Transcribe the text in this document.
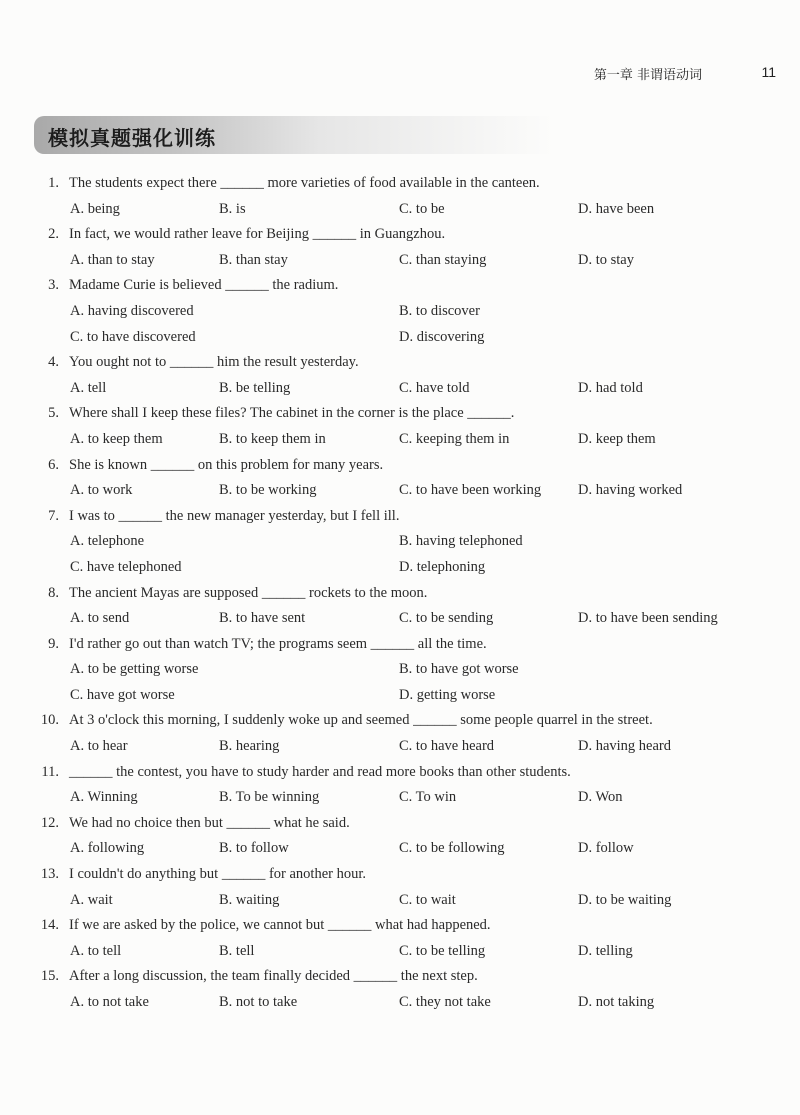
第一章 非谓语动词	11
模拟真题强化训练
1. The students expect there ______ more varieties of food available in the canteen.
A. being	B. is	C. to be	D. have been
2. In fact, we would rather leave for Beijing ______ in Guangzhou.
A. than to stay	B. than stay	C. than staying	D. to stay
3. Madame Curie is believed ______ the radium.
A. having discovered	B. to discover
C. to have discovered	D. discovering
4. You ought not to ______ him the result yesterday.
A. tell	B. be telling	C. have told	D. had told
5. Where shall I keep these files? The cabinet in the corner is the place ______.
A. to keep them	B. to keep them in	C. keeping them in	D. keep them
6. She is known ______ on this problem for many years.
A. to work	B. to be working	C. to have been working	D. having worked
7. I was to ______ the new manager yesterday, but I fell ill.
A. telephone	B. having telephoned
C. have telephoned	D. telephoning
8. The ancient Mayas are supposed ______ rockets to the moon.
A. to send	B. to have sent	C. to be sending	D. to have been sending
9. I'd rather go out than watch TV; the programs seem ______ all the time.
A. to be getting worse	B. to have got worse
C. have got worse	D. getting worse
10. At 3 o'clock this morning, I suddenly woke up and seemed ______ some people quarrel in the street.
A. to hear	B. hearing	C. to have heard	D. having heard
11. ______ the contest, you have to study harder and read more books than other students.
A. Winning	B. To be winning	C. To win	D. Won
12. We had no choice then but ______ what he said.
A. following	B. to follow	C. to be following	D. follow
13. I couldn't do anything but ______ for another hour.
A. wait	B. waiting	C. to wait	D. to be waiting
14. If we are asked by the police, we cannot but ______ what had happened.
A. to tell	B. tell	C. to be telling	D. telling
15. After a long discussion, the team finally decided ______ the next step.
A. to not take	B. not to take	C. they not take	D. not taking
